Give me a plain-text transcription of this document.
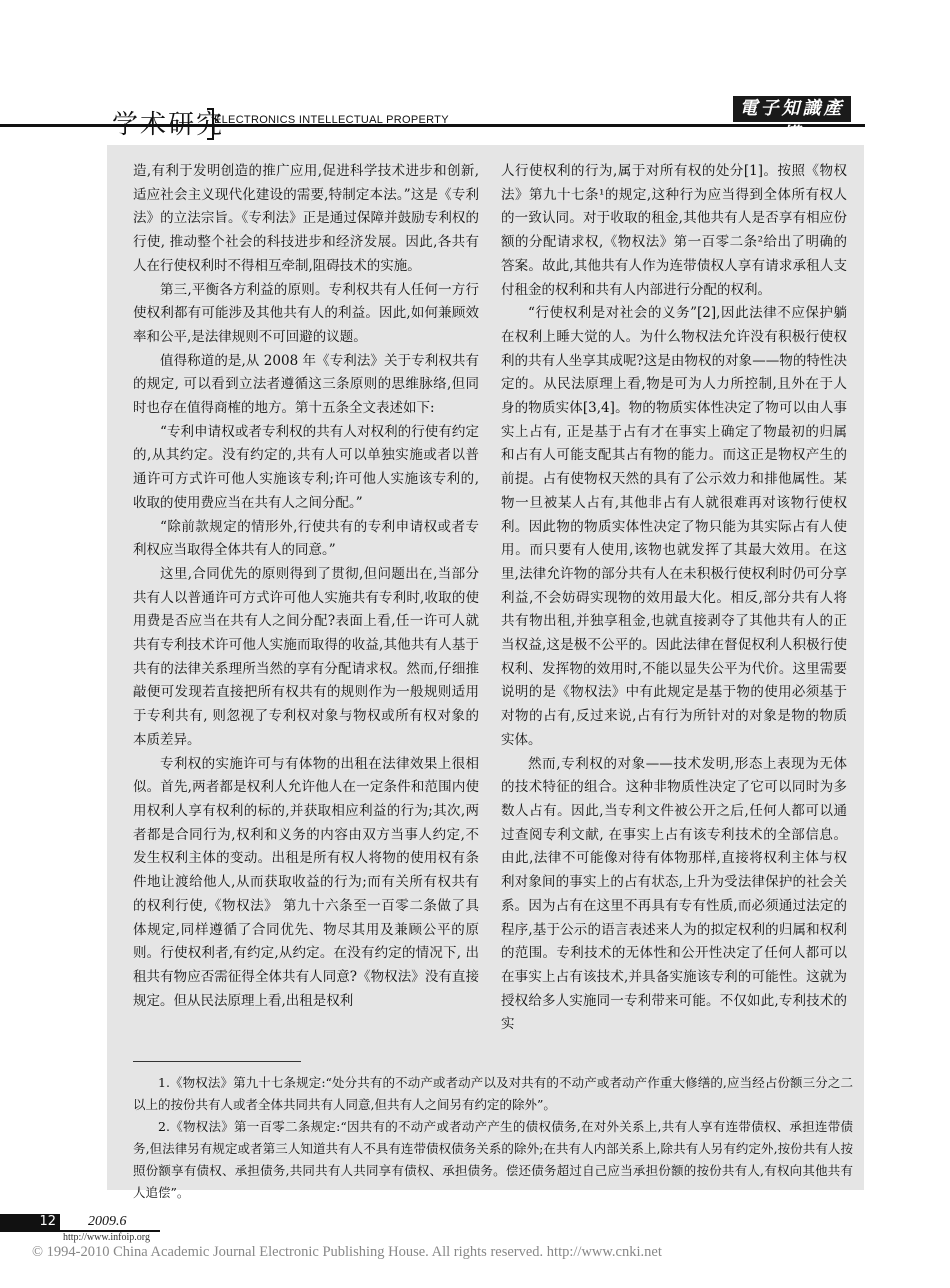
学术研究
ELECTRONICS INTELLECTUAL PROPERTY
電子知識產權

造,有利于发明创造的推广应用,促进科学技术进步和创新,适应社会主义现代化建设的需要,特制定本法。”这是《专利法》的立法宗旨。《专利法》正是通过保障并鼓励专利权的行使, 推动整个社会的科技进步和经济发展。因此,各共有人在行使权利时不得相互牵制,阻碍技术的实施。

第三,平衡各方利益的原则。专利权共有人任何一方行使权利都有可能涉及其他共有人的利益。因此,如何兼顾效率和公平,是法律规则不可回避的议题。

值得称道的是,从 2008 年《专利法》关于专利权共有的规定, 可以看到立法者遵循这三条原则的思维脉络,但同时也存在值得商榷的地方。第十五条全文表述如下:

“专利申请权或者专利权的共有人对权利的行使有约定的,从其约定。没有约定的,共有人可以单独实施或者以普通许可方式许可他人实施该专利;许可他人实施该专利的, 收取的使用费应当在共有人之间分配。”

“除前款规定的情形外,行使共有的专利申请权或者专利权应当取得全体共有人的同意。”

这里,合同优先的原则得到了贯彻,但问题出在,当部分共有人以普通许可方式许可他人实施共有专利时,收取的使用费是否应当在共有人之间分配?表面上看,任一许可人就共有专利技术许可他人实施而取得的收益,其他共有人基于共有的法律关系理所当然的享有分配请求权。然而,仔细推敲便可发现若直接把所有权共有的规则作为一般规则适用于专利共有, 则忽视了专利权对象与物权或所有权对象的本质差异。

专利权的实施许可与有体物的出租在法律效果上很相似。首先,两者都是权利人允许他人在一定条件和范围内使用权利人享有权利的标的,并获取相应利益的行为;其次,两者都是合同行为,权利和义务的内容由双方当事人约定,不发生权利主体的变动。出租是所有权人将物的使用权有条件地让渡给他人,从而获取收益的行为;而有关所有权共有的权利行使,《物权法》 第九十六条至一百零二条做了具体规定,同样遵循了合同优先、物尽其用及兼顾公平的原则。行使权利者,有约定,从约定。在没有约定的情况下, 出租共有物应否需征得全体共有人同意?《物权法》没有直接规定。但从民法原理上看,出租是权利

人行使权利的行为,属于对所有权的处分[1]。按照《物权法》第九十七条¹的规定,这种行为应当得到全体所有权人的一致认同。对于收取的租金,其他共有人是否享有相应份额的分配请求权,《物权法》第一百零二条²给出了明确的答案。故此,其他共有人作为连带债权人享有请求承租人支付租金的权利和共有人内部进行分配的权利。

“行使权利是对社会的义务”[2],因此法律不应保护躺在权利上睡大觉的人。为什么物权法允许没有积极行使权利的共有人坐享其成呢?这是由物权的对象——物的特性决定的。从民法原理上看,物是可为人力所控制,且外在于人身的物质实体[3,4]。物的物质实体性决定了物可以由人事实上占有, 正是基于占有才在事实上确定了物最初的归属和占有人可能支配其占有物的能力。而这正是物权产生的前提。占有使物权天然的具有了公示效力和排他属性。某物一旦被某人占有,其他非占有人就很难再对该物行使权利。因此物的物质实体性决定了物只能为其实际占有人使用。而只要有人使用,该物也就发挥了其最大效用。在这里,法律允许物的部分共有人在未积极行使权利时仍可分享利益,不会妨碍实现物的效用最大化。相反,部分共有人将共有物出租,并独享租金,也就直接剥夺了其他共有人的正当权益,这是极不公平的。因此法律在督促权利人积极行使权利、发挥物的效用时,不能以显失公平为代价。这里需要说明的是《物权法》中有此规定是基于物的使用必须基于对物的占有,反过来说,占有行为所针对的对象是物的物质实体。

然而,专利权的对象——技术发明,形态上表现为无体的技术特征的组合。这种非物质性决定了它可以同时为多数人占有。因此,当专利文件被公开之后,任何人都可以通过查阅专利文献, 在事实上占有该专利技术的全部信息。由此,法律不可能像对待有体物那样,直接将权利主体与权利对象间的事实上的占有状态,上升为受法律保护的社会关系。因为占有在这里不再具有专有性质,而必须通过法定的程序,基于公示的语言表述来人为的拟定权利的归属和权利的范围。专利技术的无体性和公开性决定了任何人都可以在事实上占有该技术,并具备实施该专利的可能性。这就为授权给多人实施同一专利带来可能。不仅如此,专利技术的实

1.《物权法》第九十七条规定:“处分共有的不动产或者动产以及对共有的不动产或者动产作重大修缮的,应当经占份额三分之二以上的按份共有人或者全体共同共有人同意,但共有人之间另有约定的除外”。

2.《物权法》第一百零二条规定:“因共有的不动产或者动产产生的债权债务,在对外关系上,共有人享有连带债权、承担连带债务,但法律另有规定或者第三人知道共有人不具有连带债权债务关系的除外;在共有人内部关系上,除共有人另有约定外,按份共有人按照份额享有债权、承担债务,共同共有人共同享有债权、承担债务。偿还债务超过自己应当承担份额的按份共有人,有权向其他共有人追偿”。

12 2009.6
http://www.infoip.org
© 1994-2010 China Academic Journal Electronic Publishing House. All rights reserved. http://www.cnki.net
